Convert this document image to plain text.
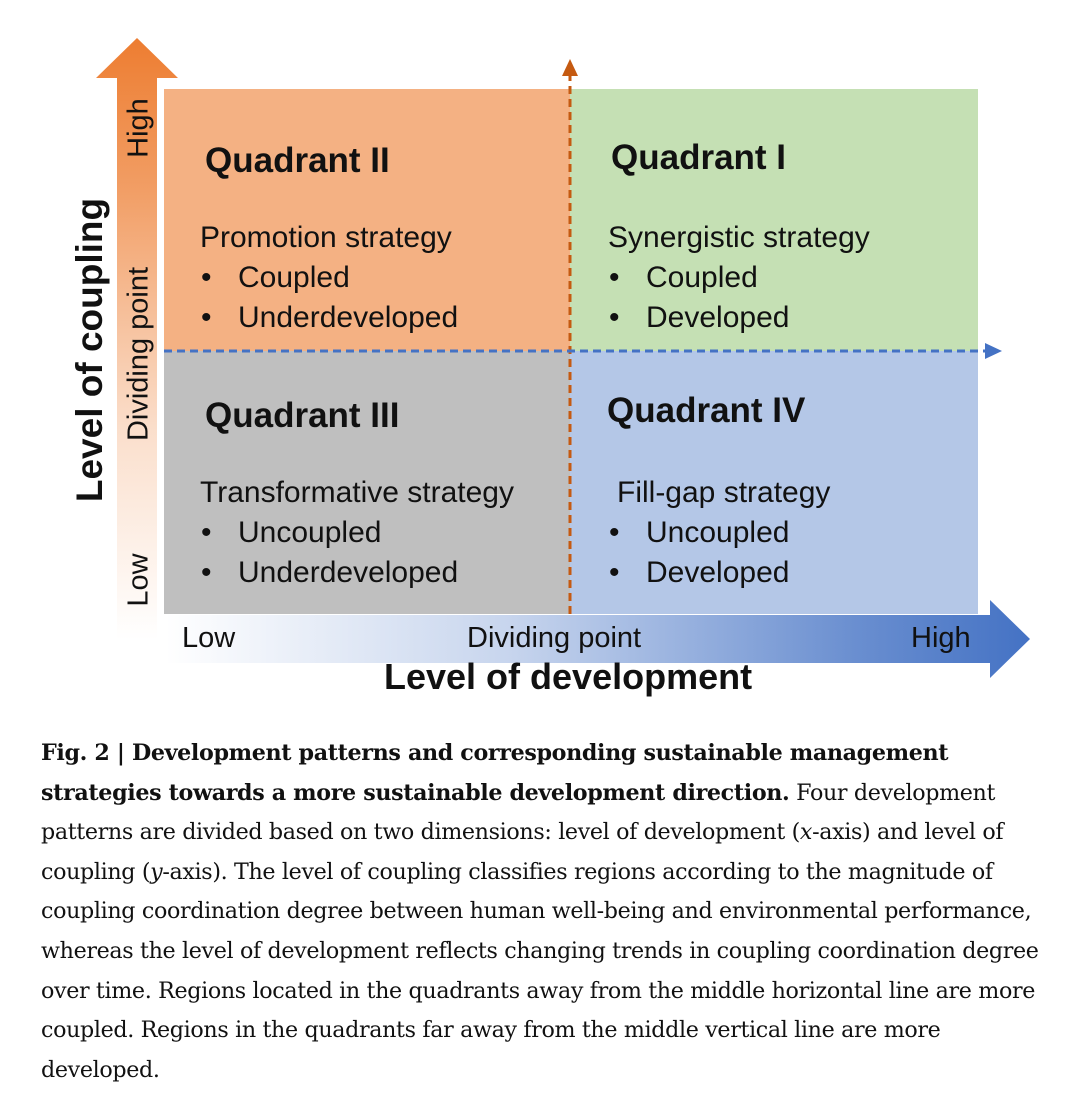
Quadrant II
Promotion strategy
• Coupled
• Underdeveloped
Quadrant I
Synergistic strategy
• Coupled
• Developed
Quadrant III
Transformative strategy
• Uncoupled
• Underdeveloped
Quadrant IV
Fill-gap strategy
• Uncoupled
• Developed
Level of coupling
High
Dividing point
Low
Low	Dividing point	High
Level of development
Fig. 2 | Development patterns and corresponding sustainable management strategies towards a more sustainable development direction. Four development patterns are divided based on two dimensions: level of development (x-axis) and level of coupling (y-axis). The level of coupling classifies regions according to the magnitude of coupling coordination degree between human well-being and environmental performance, whereas the level of development reflects changing trends in coupling coordination degree over time. Regions located in the quadrants away from the middle horizontal line are more coupled. Regions in the quadrants far away from the middle vertical line are more developed.
